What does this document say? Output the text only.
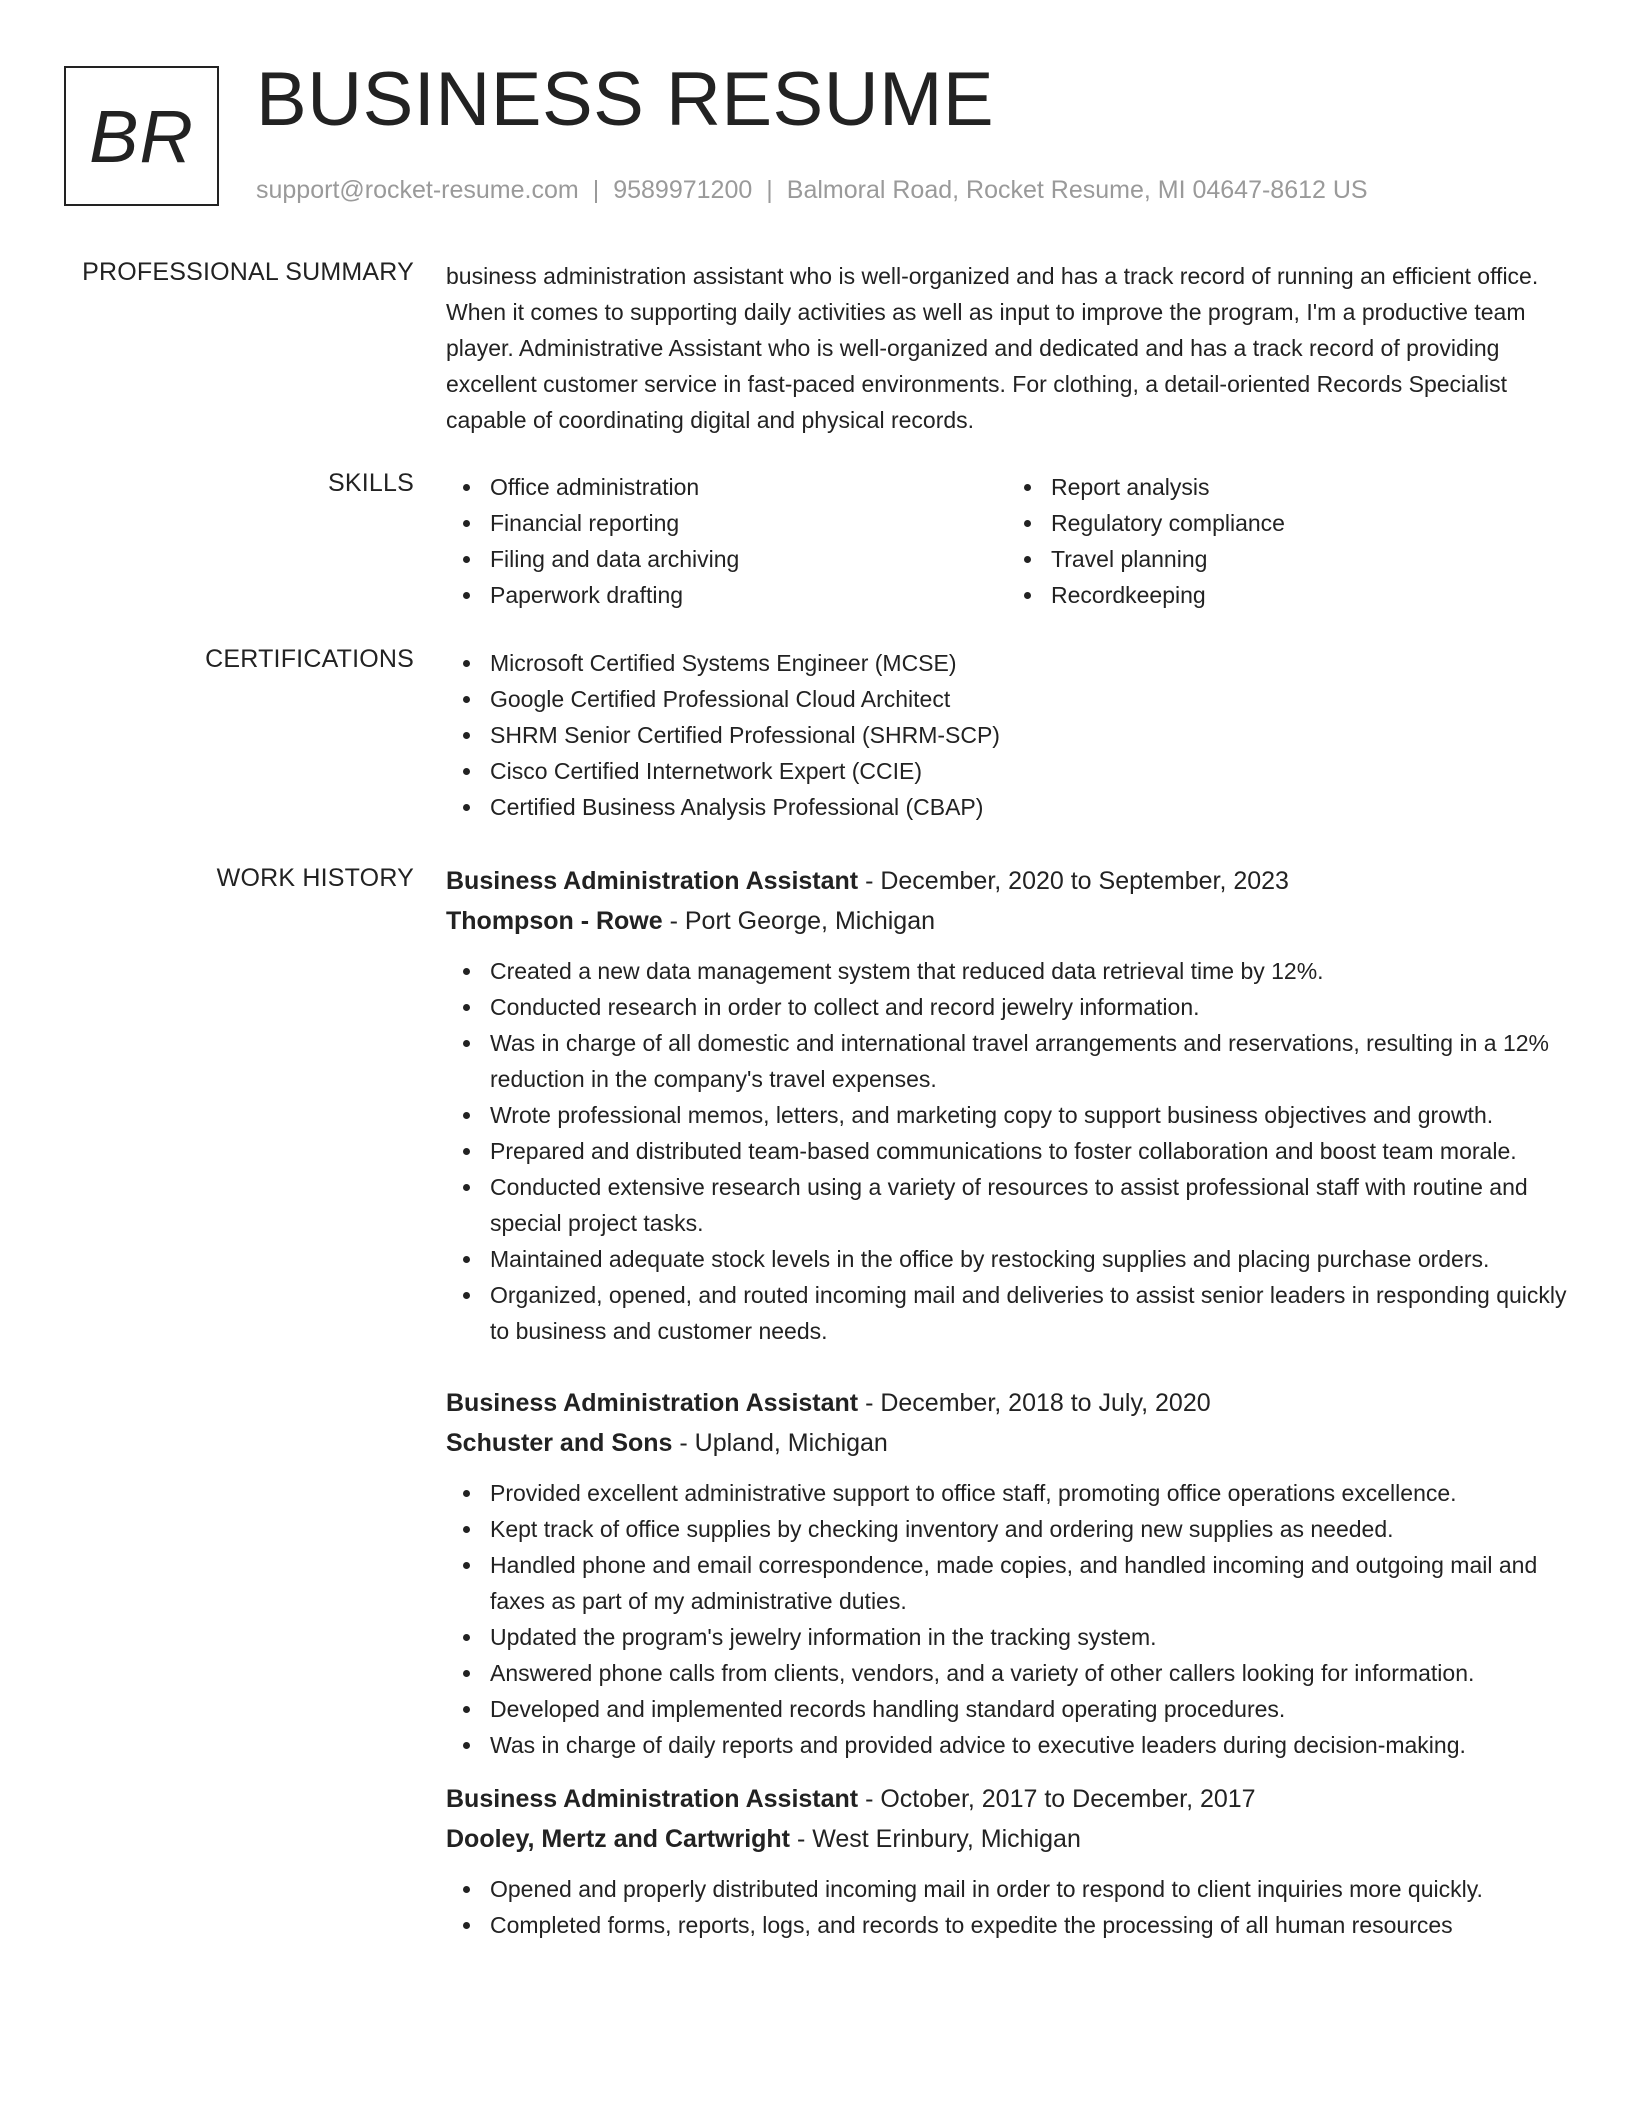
BR BUSINESS RESUME
support@rocket-resume.com | 9589971200 | Balmoral Road, Rocket Resume, MI 04647-8612 US
PROFESSIONAL SUMMARY business administration assistant who is well-organized and has a track record of running an efficient office. When it comes to supporting daily activities as well as input to improve the program, I'm a productive team player. Administrative Assistant who is well-organized and dedicated and has a track record of providing excellent customer service in fast-paced environments. For clothing, a detail-oriented Records Specialist capable of coordinating digital and physical records.
SKILLS	Office administration
Financial reporting
Filing and data archiving
Paperwork drafting
Report analysis
Regulatory compliance
Travel planning
Recordkeeping
CERTIFICATIONS	Microsoft Certified Systems Engineer (MCSE)
Google Certified Professional Cloud Architect
SHRM Senior Certified Professional (SHRM-SCP)
Cisco Certified Internetwork Expert (CCIE)
Certified Business Analysis Professional (CBAP)
WORK HISTORY Business Administration Assistant - December, 2020 to September, 2023
Thompson - Rowe - Port George, Michigan
Created a new data management system that reduced data retrieval time by 12%.
Conducted research in order to collect and record jewelry information.
Was in charge of all domestic and international travel arrangements and reservations, resulting in a 12% reduction in the company's travel expenses.
Wrote professional memos, letters, and marketing copy to support business objectives and growth.
Prepared and distributed team-based communications to foster collaboration and boost team morale.
Conducted extensive research using a variety of resources to assist professional staff with routine and special project tasks.
Maintained adequate stock levels in the office by restocking supplies and placing purchase orders.
Organized, opened, and routed incoming mail and deliveries to assist senior leaders in responding quickly to business and customer needs.
Business Administration Assistant - December, 2018 to July, 2020
Schuster and Sons - Upland, Michigan
Provided excellent administrative support to office staff, promoting office operations excellence.
Kept track of office supplies by checking inventory and ordering new supplies as needed.
Handled phone and email correspondence, made copies, and handled incoming and outgoing mail and faxes as part of my administrative duties.
Updated the program's jewelry information in the tracking system.
Answered phone calls from clients, vendors, and a variety of other callers looking for information.
Developed and implemented records handling standard operating procedures.
Was in charge of daily reports and provided advice to executive leaders during decision-making.
Business Administration Assistant - October, 2017 to December, 2017
Dooley, Mertz and Cartwright - West Erinbury, Michigan
Opened and properly distributed incoming mail in order to respond to client inquiries more quickly.
Completed forms, reports, logs, and records to expedite the processing of all human resources
